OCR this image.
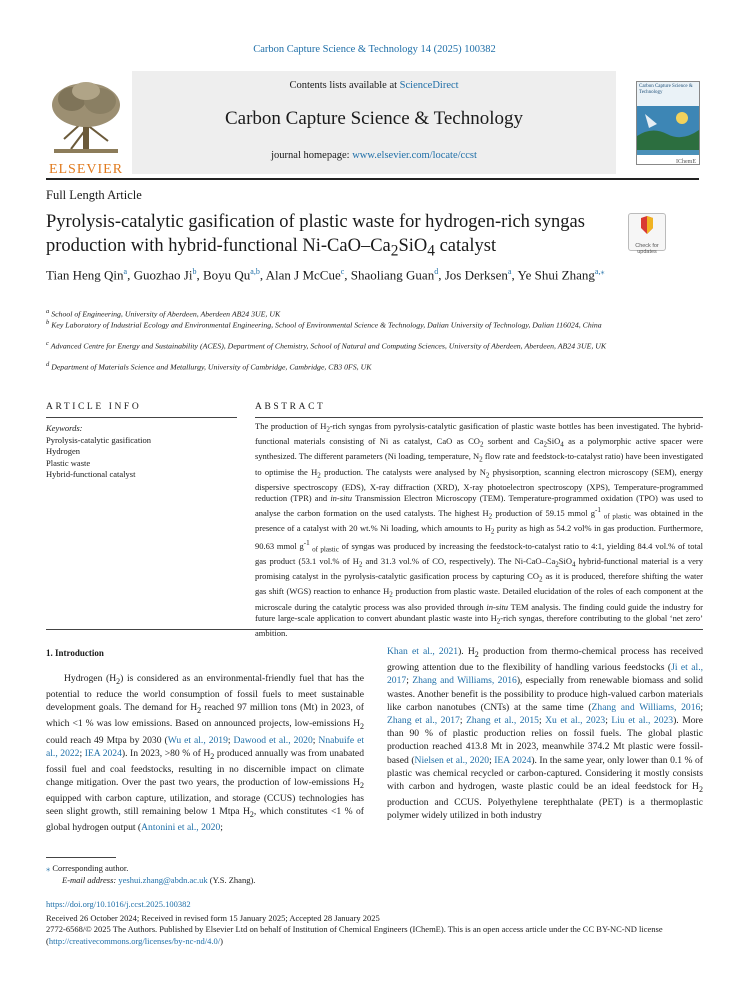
Carbon Capture Science & Technology 14 (2025) 100382
ELSEVIER
Contents lists available at ScienceDirect
Carbon Capture Science & Technology
journal homepage: www.elsevier.com/locate/ccst
Carbon Capture Science & Technology
IChemE
Full Length Article
Pyrolysis-catalytic gasification of plastic waste for hydrogen-rich syngas
production with hybrid-functional $Ni-CaO-Ca_2SiO_4$ catalyst	Check for updates
Tian Heng Qin$^a$, Guozhao Ji$^b$, Boyu Qu$^{a,b}$, Alan J McCue$^c$, Shaoliang Guan$^d$, Jos Derksen$^a$, Ye Shui Zhang$^{a,⁎}$
$^a$ School of Engineering, University of Aberdeen, Aberdeen AB24 3UE, UK
$^b$ Key Laboratory of Industrial Ecology and Environmental Engineering, School of Environmental Science & Technology, Dalian University of Technology, Dalian 116024, China
$^c$ Advanced Centre for Energy and Sustainability (ACES), Department of Chemistry, School of Natural and Computing Sciences, University of Aberdeen, Aberdeen, AB24 3UE, UK
$^d$ Department of Materials Science and Metallurgy, University of Cambridge, Cambridge, CB3 0FS, UK
ARTICLE INFO	ABSTRACT
Keywords:
Pyrolysis-catalytic gasification
Hydrogen
Plastic waste
Hybrid-functional catalyst
The production of $H_2$-rich syngas from pyrolysis-catalytic gasification of plastic waste bottles has been investigated. The hybrid-functional materials consisting of Ni as catalyst, CaO as $CO_2$ sorbent and $Ca_2SiO_4$ as a polymorphic active spacer were synthesized. The different parameters (Ni loading, temperature, $N_2$ flow rate and feedstock-to-catalyst ratio) have been investigated to optimise the $H_2$ production. The catalysts were analysed by $N_2$ physisorption, scanning electron microscopy (SEM), energy dispersive spectroscopy (EDS), X-ray diffraction (XRD), X-ray photoelectron spectroscopy (XPS), Temperature-programmed reduction (TPR) and in-situ Transmission Electron Microscopy (TEM). Temperature-programmed oxidation (TPO) was used to analyse the carbon formation on the used catalysts. The highest $H_2$ production of 59.15 mmol $g^{-1}$ $_{of plastic}$ was obtained in the presence of a catalyst with 20 wt.% Ni loading, which amounts to $H_2$ purity as high as 54.2 vol% in gas production. Furthermore, 90.63 mmol $g^{-1}$ $_{of plastic}$ of syngas was produced by increasing the feedstock-to-catalyst ratio to 4:1, yielding 84.4 vol.% of total gas product (53.1 vol.% of $H_2$ and 31.3 vol.% of CO, respectively). The $Ni-CaO-Ca_2SiO_4$ hybrid-functional material is a very promising catalyst in the pyrolysis-catalytic gasification process by capturing $CO_2$ as it is produced, therefore shifting the water gas shift (WGS) reaction to enhance $H_2$ production from plastic waste. Detailed elucidation of the roles of each component at the microscale during the catalytic process was also provided through in-situ TEM analysis. The finding could guide the industry for future large-scale application to convert abundant plastic waste into $H_2$-rich syngas, therefore contributing to the global ‘net zero’ ambition.
1. Introduction
Hydrogen $(H_2)$ is considered as an environmental-friendly fuel that has the potential to reduce the world consumption of fossil fuels to meet sustainable development goals. The demand for $H_2$ reached 97 million tons (Mt) in 2023, of which <1 % was low emissions. Based on announced projects, low-emissions $H_2$ could reach 49 Mtpa by 2030 (Wu et al., 2019; Dawood et al., 2020; Nnabuife et al., 2022; IEA 2024). In 2023, >80 % of $H_2$ produced annually was from unabated fossil fuel and coal feedstocks, resulting in no discernible impact on climate change mitigation. Over the past two years, the production of low-emissions $H_2$ equipped with carbon capture, utilization, and storage (CCUS) technologies has seen slight growth, still remaining below 1 Mtpa $H_2$, which constitutes <1 % of global hydrogen output (Antonini et al., 2020;
Khan et al., 2021). $H_2$ production from thermo-chemical process has received growing attention due to the flexibility of handling various feedstocks (Ji et al., 2017; Zhang and Williams, 2016), especially from renewable biomass and solid wastes. Another benefit is the possibility to produce high-valued carbon materials like carbon nanotubes (CNTs) at the same time (Zhang and Williams, 2016; Zhang et al., 2017; Zhang et al., 2015; Xu et al., 2023; Liu et al., 2023). More than 90 % of plastic production relies on fossil fuels. The global plastic production reached 413.8 Mt in 2023, meanwhile 374.2 Mt plastic were fossil-based (Nielsen et al., 2020; IEA 2024). In the same year, only lower than 0.1 % of plastic was chemical recycled or carbon-captured. Considering it mostly consists with carbon and hydrogen, waste plastic could be an ideal feedstock for $H_2$ production and CCUS. Polyethylene terephthalate (PET) is a thermoplastic polymer widely utilized in both industry
⁎ Corresponding author.
E-mail address: yeshui.zhang@abdn.ac.uk (Y.S. Zhang).
https://doi.org/10.1016/j.ccst.2025.100382
Received 26 October 2024; Received in revised form 15 January 2025; Accepted 28 January 2025
2772-6568/© 2025 The Authors. Published by Elsevier Ltd on behalf of Institution of Chemical Engineers (IChemE). This is an open access article under the CC BY-NC-ND license (http://creativecommons.org/licenses/by-nc-nd/4.0/)
